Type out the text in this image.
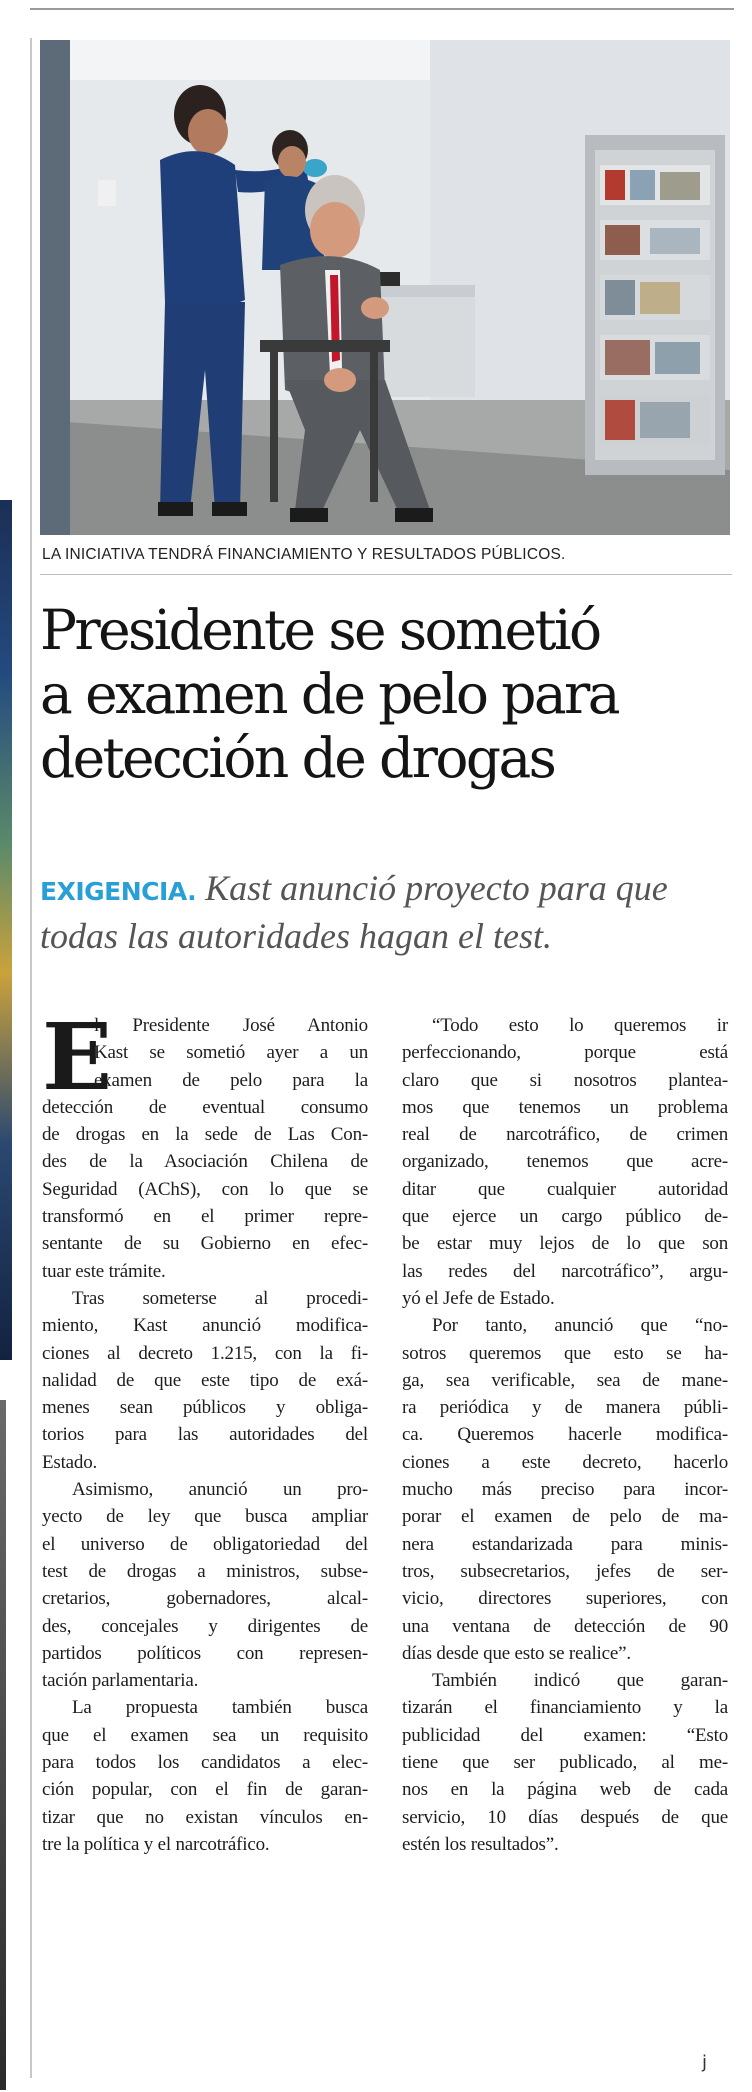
LA INICIATIVA TENDRÁ FINANCIAMIENTO Y RESULTADOS PÚBLICOS.
Presidente se sometió
a examen de pelo para
detección de drogas
EXIGENCIA. Kast anunció proyecto para que todas las autoridades hagan el test.
E
l Presidente José Antonio
Kast se sometió ayer a un
examen de pelo para la
detección de eventual consumo
de drogas en la sede de Las Con-
des de la Asociación Chilena de
Seguridad (AChS), con lo que se
transformó en el primer repre-
sentante de su Gobierno en efec-
tuar este trámite.
Tras someterse al procedi-
miento, Kast anunció modifica-
ciones al decreto 1.215, con la fi-
nalidad de que este tipo de exá-
menes sean públicos y obliga-
torios para las autoridades del
Estado.
Asimismo, anunció un pro-
yecto de ley que busca ampliar
el universo de obligatoriedad del
test de drogas a ministros, subse-
cretarios, gobernadores, alcal-
des, concejales y dirigentes de
partidos políticos con represen-
tación parlamentaria.
La propuesta también busca
que el examen sea un requisito
para todos los candidatos a elec-
ción popular, con el fin de garan-
tizar que no existan vínculos en-
tre la política y el narcotráfico.
“Todo esto lo queremos ir
perfeccionando, porque está
claro que si nosotros plantea-
mos que tenemos un problema
real de narcotráfico, de crimen
organizado, tenemos que acre-
ditar que cualquier autoridad
que ejerce un cargo público de-
be estar muy lejos de lo que son
las redes del narcotráfico”, argu-
yó el Jefe de Estado.
Por tanto, anunció que “no-
sotros queremos que esto se ha-
ga, sea verificable, sea de mane-
ra periódica y de manera públi-
ca. Queremos hacerle modifica-
ciones a este decreto, hacerlo
mucho más preciso para incor-
porar el examen de pelo de ma-
nera estandarizada para minis-
tros, subsecretarios, jefes de ser-
vicio, directores superiores, con
una ventana de detección de 90
días desde que esto se realice”.
También indicó que garan-
tizarán el financiamiento y la
publicidad del examen: “Esto
tiene que ser publicado, al me-
nos en la página web de cada
servicio, 10 días después de que
estén los resultados”.
ϳ
